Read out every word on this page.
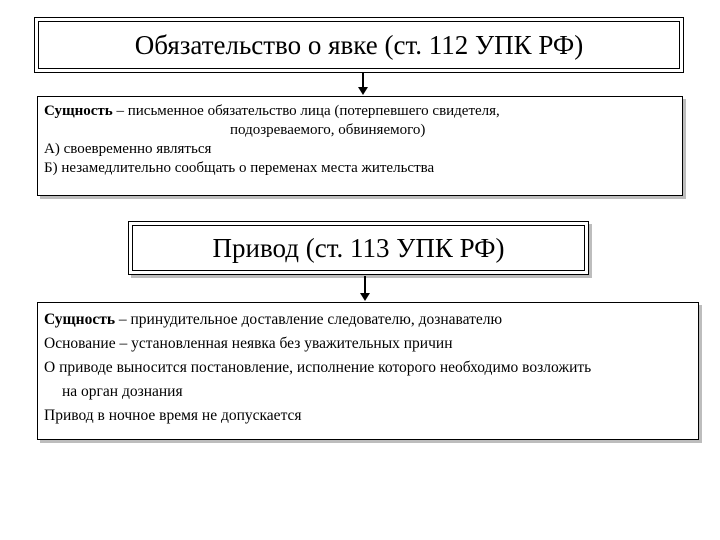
Обязательство о явке (ст. 112 УПК РФ)
Сущность – письменное обязательство лица (потерпевшего свидетеля,
подозреваемого, обвиняемого)
А) своевременно являться
Б) незамедлительно сообщать о переменах места жительства
Привод (ст. 113 УПК РФ)
Сущность – принудительное доставление следователю, дознавателю
Основание – установленная неявка без уважительных причин
О приводе выносится постановление, исполнение которого необходимо возложить
на орган дознания
Привод в ночное время не допускается
